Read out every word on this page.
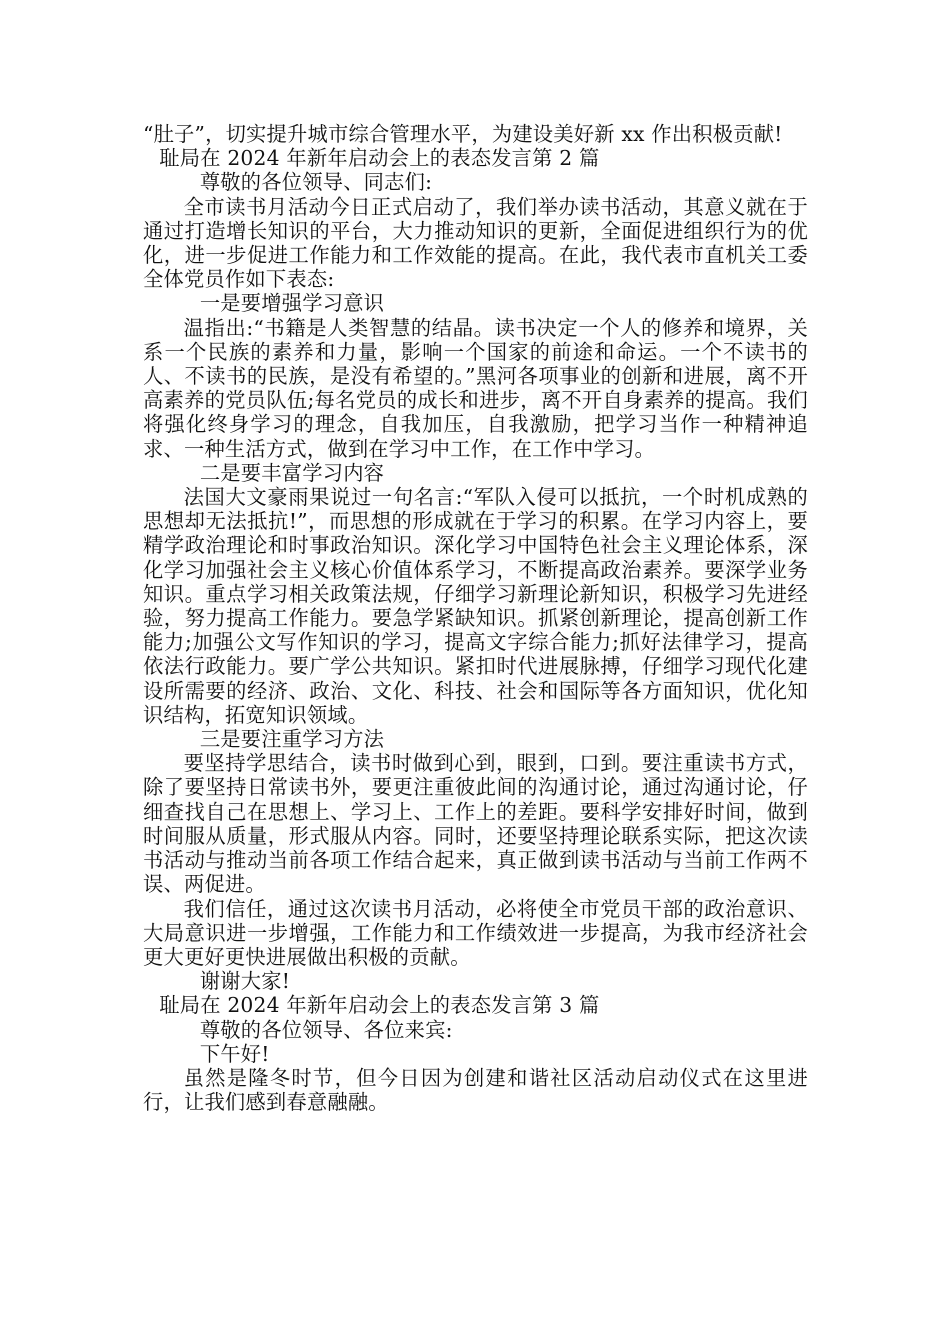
“肚子”，切实提升城市综合管理水平，为建设美好新 xx 作出积极贡献!

耻局在 2024 年新年启动会上的表态发言第 2 篇

尊敬的各位领导、同志们:

全市读书月活动今日正式启动了，我们举办读书活动，其意义就在于通过打造增长知识的平台，大力推动知识的更新，全面促进组织行为的优化，进一步促进工作能力和工作效能的提高。在此，我代表市直机关工委全体党员作如下表态:

一是要增强学习意识

温指出:“书籍是人类智慧的结晶。读书决定一个人的修养和境界，关系一个民族的素养和力量，影响一个国家的前途和命运。一个不读书的人、不读书的民族，是没有希望的。”黑河各项事业的创新和进展，离不开高素养的党员队伍;每名党员的成长和进步，离不开自身素养的提高。我们将强化终身学习的理念，自我加压，自我激励，把学习当作一种精神追求、一种生活方式，做到在学习中工作，在工作中学习。

二是要丰富学习内容

法国大文豪雨果说过一句名言:“军队入侵可以抵抗，一个时机成熟的思想却无法抵抗!”，而思想的形成就在于学习的积累。在学习内容上，要精学政治理论和时事政治知识。深化学习中国特色社会主义理论体系，深化学习加强社会主义核心价值体系学习，不断提高政治素养。要深学业务知识。重点学习相关政策法规，仔细学习新理论新知识，积极学习先进经验，努力提高工作能力。要急学紧缺知识。抓紧创新理论，提高创新工作能力;加强公文写作知识的学习，提高文字综合能力;抓好法律学习，提高依法行政能力。要广学公共知识。紧扣时代进展脉搏，仔细学习现代化建设所需要的经济、政治、文化、科技、社会和国际等各方面知识，优化知识结构，拓宽知识领域。

三是要注重学习方法

要坚持学思结合，读书时做到心到，眼到，口到。要注重读书方式，除了要坚持日常读书外，要更注重彼此间的沟通讨论，通过沟通讨论，仔细查找自己在思想上、学习上、工作上的差距。要科学安排好时间，做到时间服从质量，形式服从内容。同时，还要坚持理论联系实际，把这次读书活动与推动当前各项工作结合起来，真正做到读书活动与当前工作两不误、两促进。

我们信任，通过这次读书月活动，必将使全市党员干部的政治意识、大局意识进一步增强，工作能力和工作绩效进一步提高，为我市经济社会更大更好更快进展做出积极的贡献。

谢谢大家!

耻局在 2024 年新年启动会上的表态发言第 3 篇

尊敬的各位领导、各位来宾:

下午好!

虽然是隆冬时节，但今日因为创建和谐社区活动启动仪式在这里进行，让我们感到春意融融。
